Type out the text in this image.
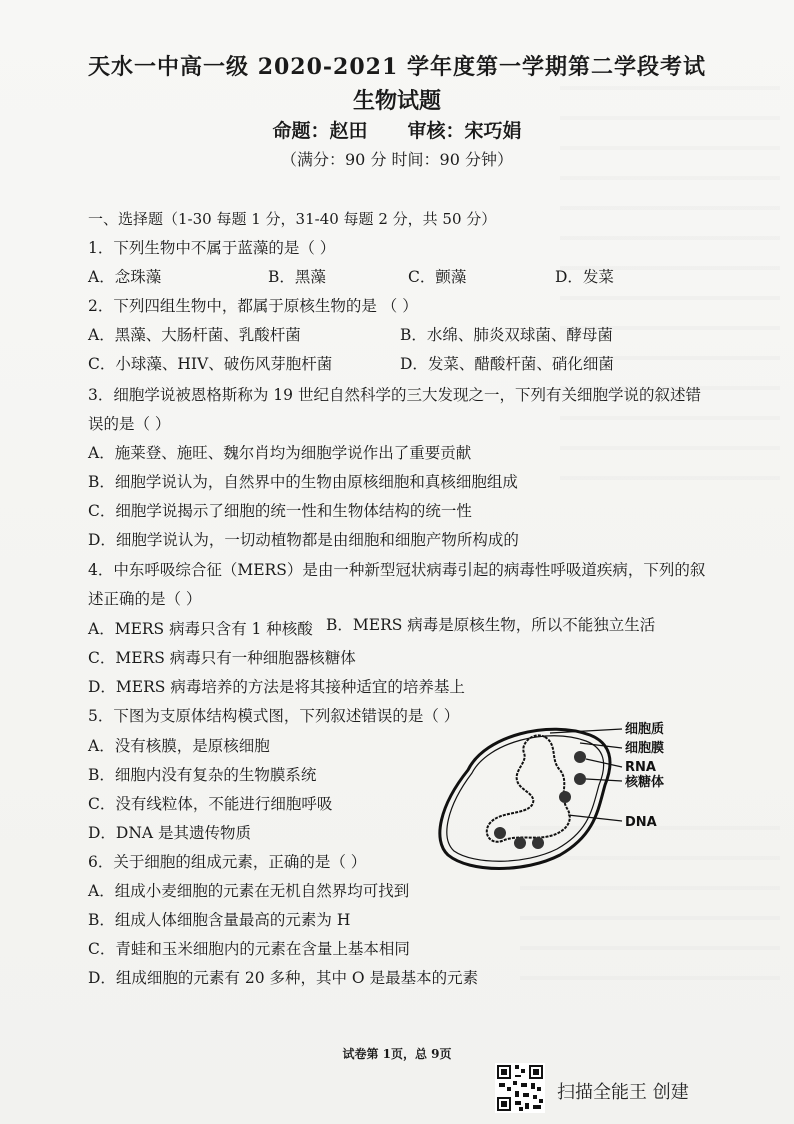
天水一中高一级 2020-2021 学年度第一学期第二学段考试
生物试题
命题：赵田 审核：宋巧娟
（满分：90 分 时间：90 分钟）
一、选择题（1-30 每题 1 分，31-40 每题 2 分，共 50 分）
1．下列生物中不属于蓝藻的是（ ）
A．念珠藻	B．黑藻	C．颤藻	D．发菜
2．下列四组生物中，都属于原核生物的是 （ ）
A．黑藻、大肠杆菌、乳酸杆菌	B．水绵、肺炎双球菌、酵母菌
C．小球藻、HIV、破伤风芽胞杆菌	D．发菜、醋酸杆菌、硝化细菌
3．细胞学说被恩格斯称为 19 世纪自然科学的三大发现之一，下列有关细胞学说的叙述错
误的是（ ）
A．施莱登、施旺、魏尔肖均为细胞学说作出了重要贡献
B．细胞学说认为，自然界中的生物由原核细胞和真核细胞组成
C．细胞学说揭示了细胞的统一性和生物体结构的统一性
D．细胞学说认为，一切动植物都是由细胞和细胞产物所构成的
4．中东呼吸综合征（MERS）是由一种新型冠状病毒引起的病毒性呼吸道疾病，下列的叙
述正确的是（ ）
A．MERS 病毒只含有 1 种核酸 B．MERS 病毒是原核生物，所以不能独立生活
C．MERS 病毒只有一种细胞器核糖体
D．MERS 病毒培养的方法是将其接种适宜的培养基上
5．下图为支原体结构模式图，下列叙述错误的是（ ）
A．没有核膜，是原核细胞
B．细胞内没有复杂的生物膜系统
C．没有线粒体，不能进行细胞呼吸
D．DNA 是其遗传物质
细胞质
细胞膜
RNA
核糖体
DNA
6．关于细胞的组成元素，正确的是（ ）
A．组成小麦细胞的元素在无机自然界均可找到
B．组成人体细胞含量最高的元素为 H
C．青蛙和玉米细胞内的元素在含量上基本相同
D．组成细胞的元素有 20 多种，其中 O 是最基本的元素
试卷第 1页，总 9页
扫描全能王 创建
